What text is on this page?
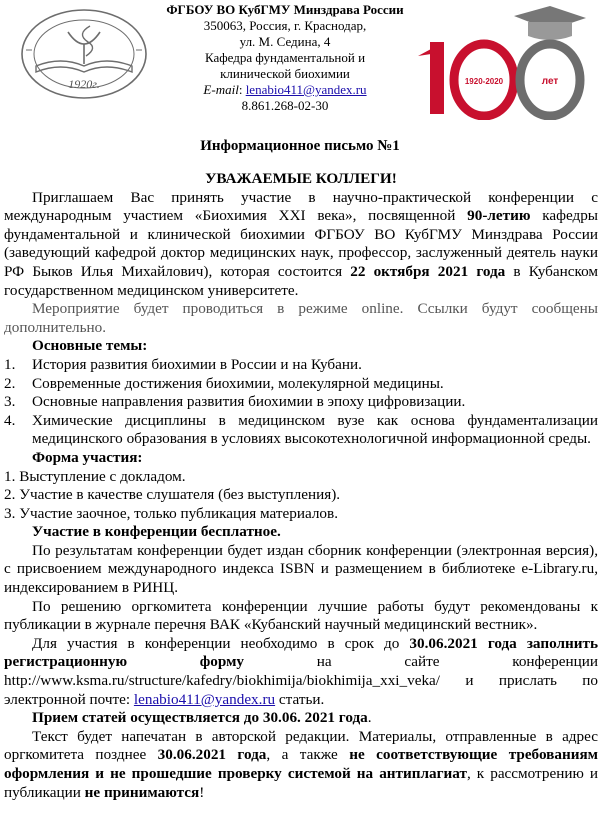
1920г.
ФГБОУ ВО КубГМУ Минздрава России
350063, Россия, г. Краснодар,
ул. М. Седина, 4
Кафедра фундаментальной и
клинической биохимии
E-mail: lenabio411@yandex.ru
8.861.268-02-30
1920-2020	лет
Информационное письмо №1

УВАЖАЕМЫЕ КОЛЛЕГИ!

Приглашаем Вас принять участие в научно-практической конференции с международным участием «Биохимия XXI века», посвященной 90-летию кафедры фундаментальной и клинической биохимии ФГБОУ ВО КубГМУ Минздрава России (заведующий кафедрой доктор медицинских наук, профессор, заслуженный деятель науки РФ Быков Илья Михайлович), которая состоится 22 октября 2021 года в Кубанском государственном медицинском университете.

Мероприятие будет проводиться в режиме online. Ссылки будут сообщены дополнительно.

Основные темы:
1. История развития биохимии в России и на Кубани.
2. Современные достижения биохимии, молекулярной медицины.
3. Основные направления развития биохимии в эпоху цифровизации.
4. Химические дисциплины в медицинском вузе как основа фундаментализации медицинского образования в условиях высокотехнологичной информационной среды.
Форма участия:
1. Выступление с докладом.
2. Участие в качестве слушателя (без выступления).
3. Участие заочное, только публикация материалов.
Участие в конференции бесплатное.

По результатам конференции будет издан сборник конференции (электронная версия), с присвоением международного индекса ISBN и размещением в библиотеке e-Library.ru, индексированием в РИНЦ.

По решению оргкомитета конференции лучшие работы будут рекомендованы к публикации в журнале перечня ВАК «Кубанский научный медицинский вестник».

Для участия в конференции необходимо в срок до 30.06.2021 года заполнить регистрационную форму на сайте конференции http://www.ksma.ru/structure/kafedry/biokhimija/biokhimija_xxi_veka/ и прислать по электронной почте: lenabio411@yandex.ru статьи.

Прием статей осуществляется до 30.06. 2021 года.

Текст будет напечатан в авторской редакции. Материалы, отправленные в адрес оргкомитета позднее 30.06.2021 года, а также не соответствующие требованиям оформления и не прошедшие проверку системой на антиплагиат, к рассмотрению и публикации не принимаются!
